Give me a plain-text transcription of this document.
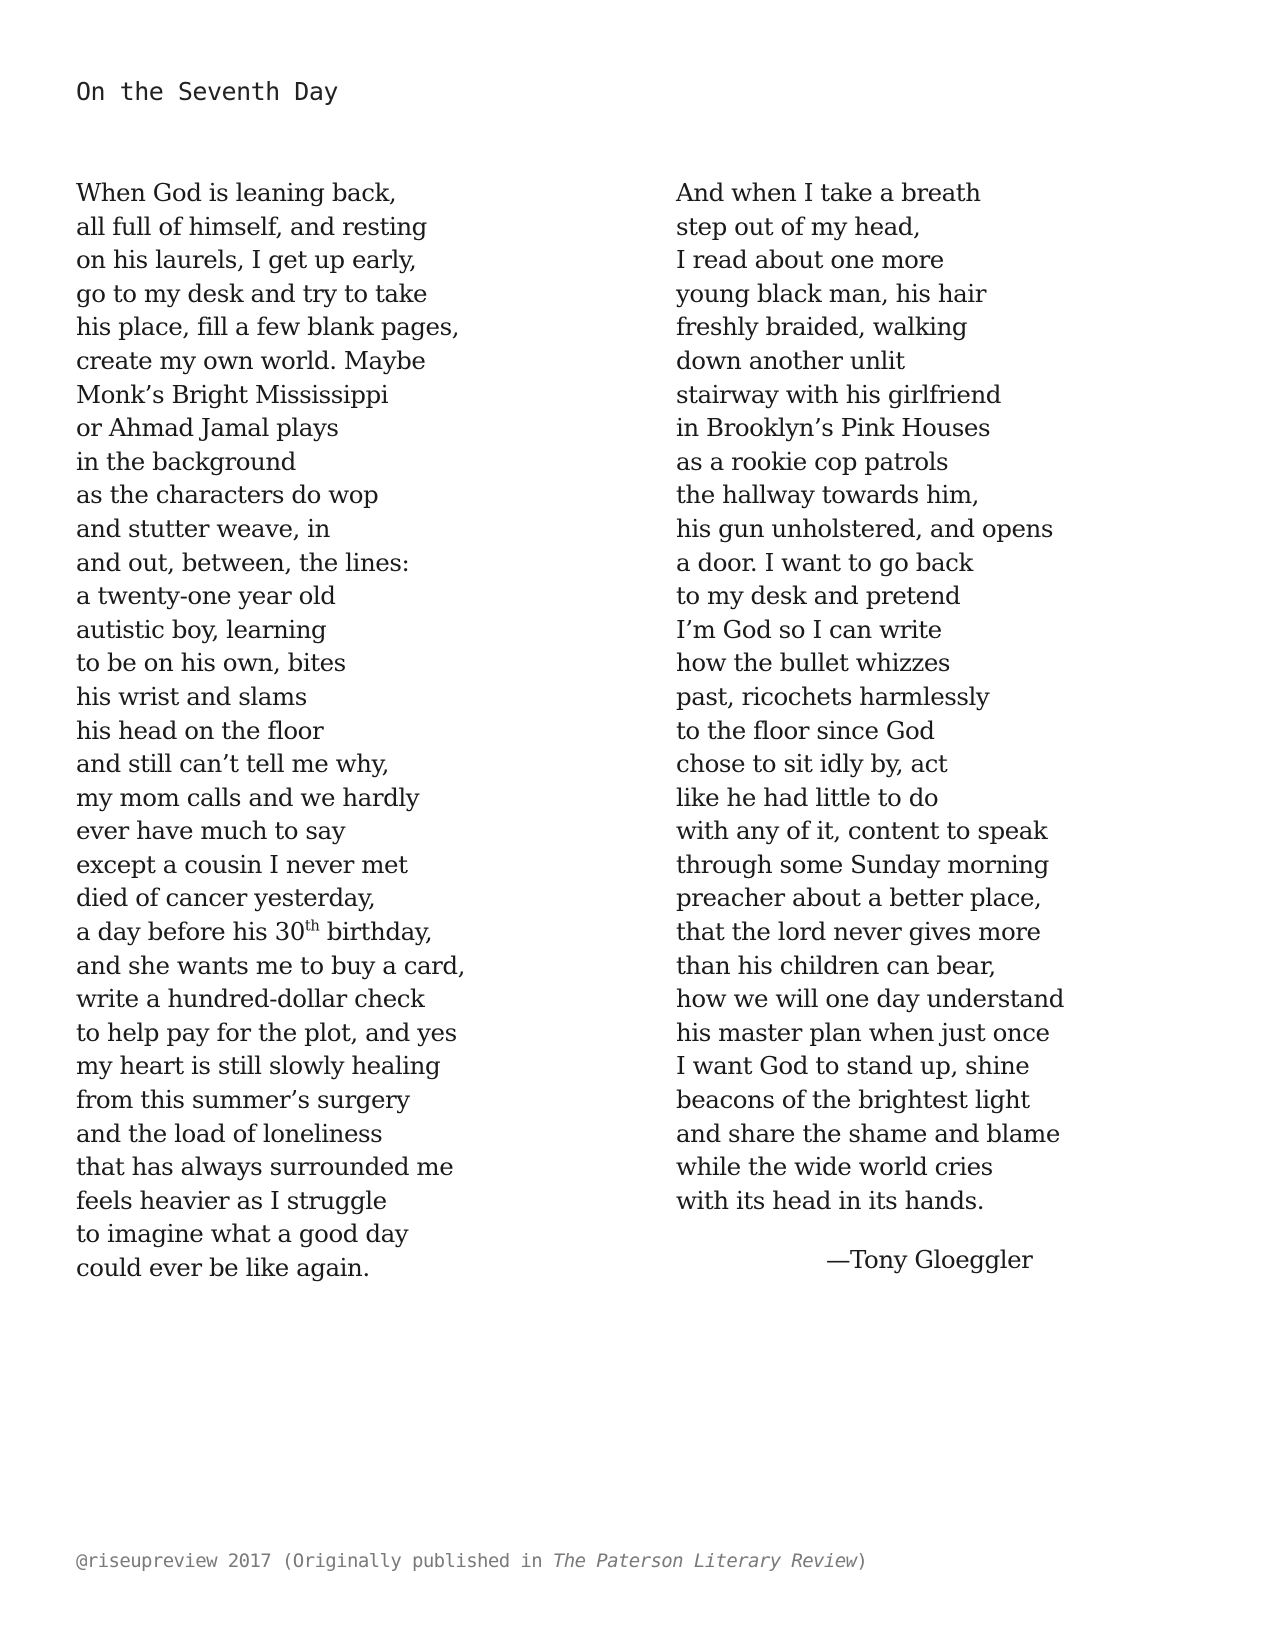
On the Seventh Day
When God is leaning back,
all full of himself, and resting
on his laurels, I get up early,
go to my desk and try to take
his place, fill a few blank pages,
create my own world. Maybe
Monk’s Bright Mississippi
or Ahmad Jamal plays
in the background
as the characters do wop
and stutter weave, in
and out, between, the lines:
a twenty-one year old
autistic boy, learning
to be on his own, bites
his wrist and slams
his head on the floor
and still can’t tell me why,
my mom calls and we hardly
ever have much to say
except a cousin I never met
died of cancer yesterday,
a day before his 30th birthday,
and she wants me to buy a card,
write a hundred-dollar check
to help pay for the plot, and yes
my heart is still slowly healing
from this summer’s surgery
and the load of loneliness
that has always surrounded me
feels heavier as I struggle
to imagine what a good day
could ever be like again.
And when I take a breath
step out of my head,
I read about one more
young black man, his hair
freshly braided, walking
down another unlit
stairway with his girlfriend
in Brooklyn’s Pink Houses
as a rookie cop patrols
the hallway towards him,
his gun unholstered, and opens
a door. I want to go back
to my desk and pretend
I’m God so I can write
how the bullet whizzes
past, ricochets harmlessly
to the floor since God
chose to sit idly by, act
like he had little to do
with any of it, content to speak
through some Sunday morning
preacher about a better place,
that the lord never gives more
than his children can bear,
how we will one day understand
his master plan when just once
I want God to stand up, shine
beacons of the brightest light
and share the shame and blame
while the wide world cries
with its head in its hands.
—Tony Gloeggler
@riseupreview 2017 (Originally published in The Paterson Literary Review)
